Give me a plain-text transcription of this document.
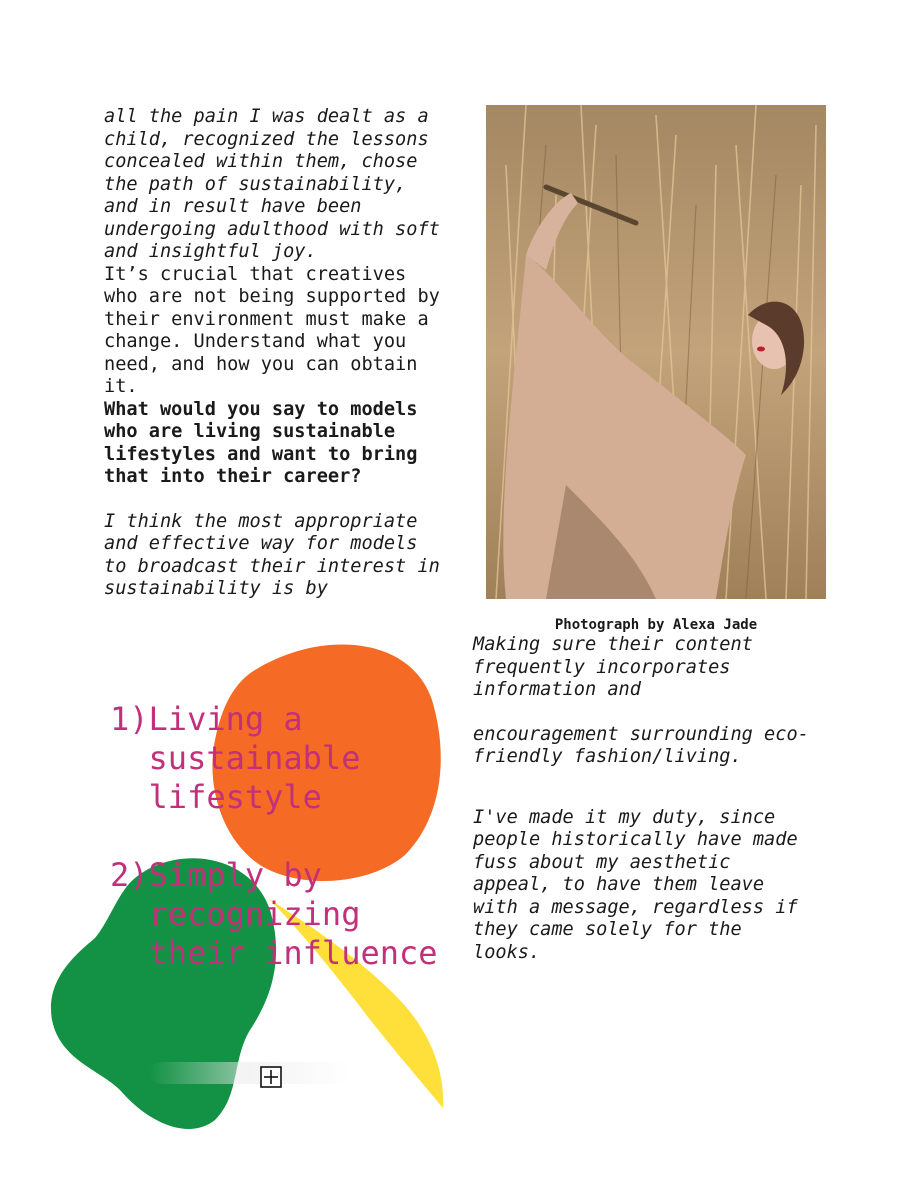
all the pain I was dealt as a child, recognized the lessons concealed within them, chose the path of sustainability, and in result have been undergoing adulthood with soft and insightful joy.

It’s crucial that creatives who are not being supported by their environment must make a change. Understand what you need, and how you can obtain it.

What would you say to models who are living sustainable lifestyles and want to bring that into their career?

I think the most appropriate and effective way for models to broadcast their interest in sustainability is by

Photograph by Alexa Jade

Making sure their content frequently incorporates information and

encouragement surrounding eco-friendly fashion/living.

I've made it my duty, since people historically have made fuss about my aesthetic appeal, to have them leave with a message, regardless if they came solely for the looks.

1) Living a sustainable lifestyle
2) Simply by recognizing their influence
